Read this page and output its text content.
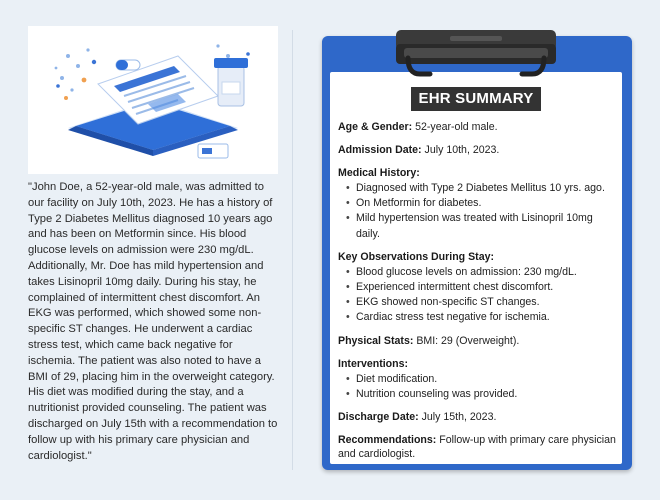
"John Doe, a 52-year-old male, was admitted to our facility on July 10th, 2023. He has a history of Type 2 Diabetes Mellitus diagnosed 10 years ago and has been on Metformin since. His blood glucose levels on admission were 230 mg/dL. Additionally, Mr. Doe has mild hypertension and takes Lisinopril 10mg daily. During his stay, he complained of intermittent chest discomfort. An EKG was performed, which showed some non-specific ST changes. He underwent a cardiac stress test, which came back negative for ischemia. The patient was also noted to have a BMI of 29, placing him in the overweight category. His diet was modified during the stay, and a nutritionist provided counseling. The patient was discharged on July 15th with a recommendation to follow up with his primary care physician and cardiologist."

EHR SUMMARY
Age & Gender: 52-year-old male.
Admission Date: July 10th, 2023.
Medical History:
• Diagnosed with Type 2 Diabetes Mellitus 10 yrs. ago.
• On Metformin for diabetes.
• Mild hypertension was treated with Lisinopril 10mg daily.
Key Observations During Stay:
• Blood glucose levels on admission: 230 mg/dL.
• Experienced intermittent chest discomfort.
• EKG showed non-specific ST changes.
• Cardiac stress test negative for ischemia.
Physical Stats: BMI: 29 (Overweight).
Interventions:
• Diet modification.
• Nutrition counseling was provided.
Discharge Date: July 15th, 2023.
Recommendations: Follow-up with primary care physician and cardiologist.
